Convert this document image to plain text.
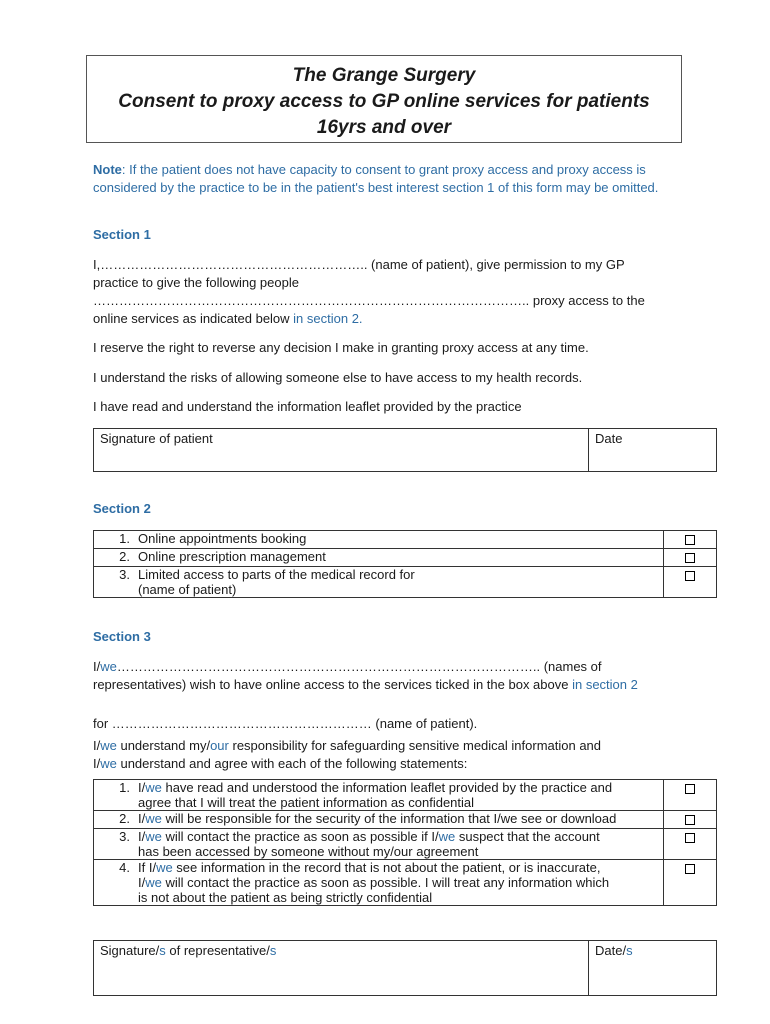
The Grange Surgery
Consent to proxy access to GP online services for patients
16yrs and over
Note: If the patient does not have capacity to consent to grant proxy access and proxy access is considered by the practice to be in the patient's best interest section 1 of this form may be omitted.
Section 1
I,…………………………………………………….. (name of patient), give permission to my GP practice to give the following people ……………………………………………………………………………………….. proxy access to the online services as indicated below in section 2.
I reserve the right to reverse any decision I make in granting proxy access at any time.
I understand the risks of allowing someone else to have access to my health records.
I have read and understand the information leaflet provided by the practice
Signature of patient	Date
Section 2
1. Online appointments booking	

2. Online prescription management	

3. Limited access to parts of the medical record for
(name of patient)	

Section 3
I/we…………………………………………………………………………………….. (names of representatives) wish to have online access to the services ticked in the box above in section 2
for …………………………………………………… (name of patient).
I/we understand my/our responsibility for safeguarding sensitive medical information and
I/we understand and agree with each of the following statements:
1. I/we have read and understood the information leaflet provided by the practice and
agree that I will treat the patient information as confidential	

2. I/we will be responsible for the security of the information that I/we see or download	

3. I/we will contact the practice as soon as possible if I/we suspect that the account
has been accessed by someone without my/our agreement	

4. If I/we see information in the record that is not about the patient, or is inaccurate,
I/we will contact the practice as soon as possible. I will treat any information which
is not about the patient as being strictly confidential	

Signature/s of representative/s	Date/s
